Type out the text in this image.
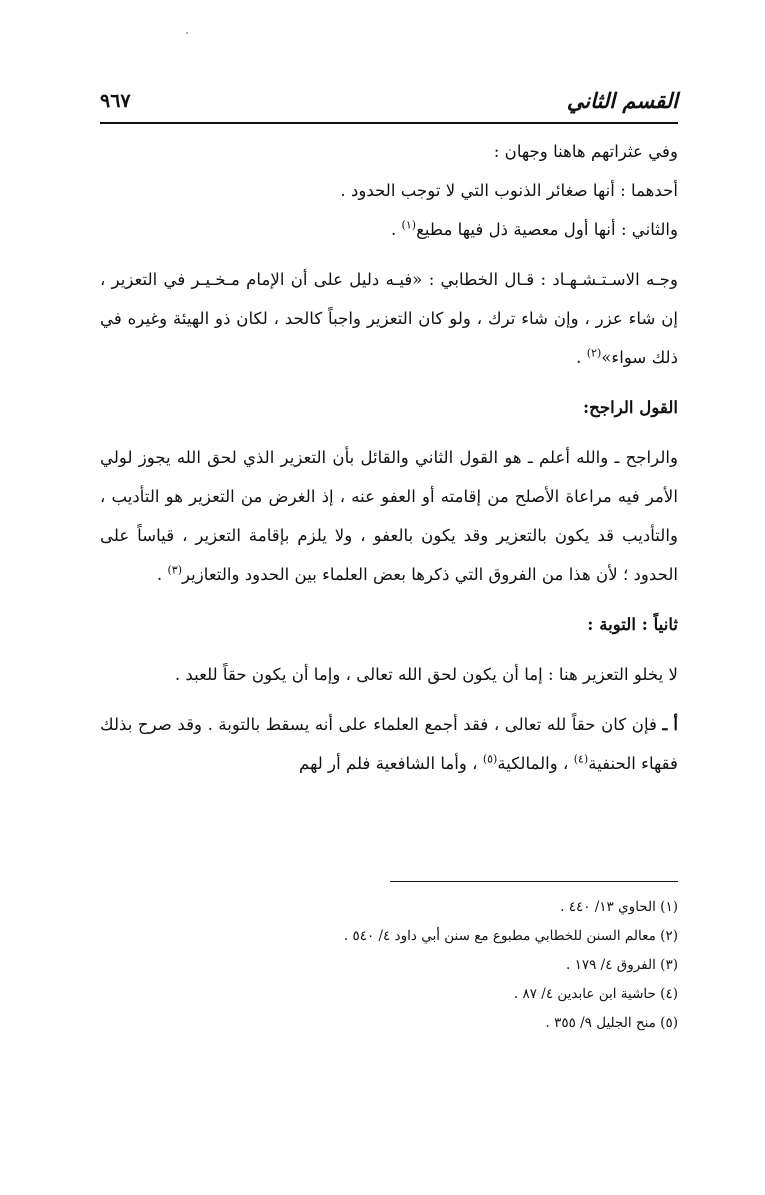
القسم الثاني
٩٦٧

وفي عثراتهم هاهنا وجهان :

أحدهما : أنها صغائر الذنوب التي لا توجب الحدود .

والثاني : أنها أول معصية ذل فيها مطيع$^{(١)}$ .

وجـه الاسـتـشـهـاد : قـال الخطابي : «فيـه دليل على أن الإمام مـخـيـر في التعزير ، إن شاء عزر ، وإن شاء ترك ، ولو كان التعزير واجباً كالحد ، لكان ذو الهيئة وغيره في ذلك سواء»$^{(٢)}$ .

القول الراجح:

والراجح ـ والله أعلم ـ هو القول الثاني والقائل بأن التعزير الذي لحق الله يجوز لولي الأمر فيه مراعاة الأصلح من إقامته أو العفو عنه ، إذ الغرض من التعزير هو التأديب ، والتأديب قد يكون بالتعزير وقد يكون بالعفو ، ولا يلزم بإقامة التعزير ، قياساً على الحدود ؛ لأن هذا من الفروق التي ذكرها بعض العلماء بين الحدود والتعازير$^{(٣)}$ .

ثانياً : التوبة :

لا يخلو التعزير هنا : إما أن يكون لحق الله تعالى ، وإما أن يكون حقاً للعبد .

أ ـ فإن كان حقاً لله تعالى ، فقد أجمع العلماء على أنه يسقط بالتوبة . وقد صرح بذلك فقهاء الحنفية$^{(٤)}$ ، والمالكية$^{(٥)}$ ، وأما الشافعية فلم أر لهم

(١) الحاوي ١٣/ ٤٤٠ .
(٢) معالم السنن للخطابي مطبوع مع سنن أبي داود ٤/ ٥٤٠ .
(٣) الفروق ٤/ ١٧٩ .
(٤) حاشية ابن عابدين ٤/ ٨٧ .
(٥) منح الجليل ٩/ ٣٥٥ .
